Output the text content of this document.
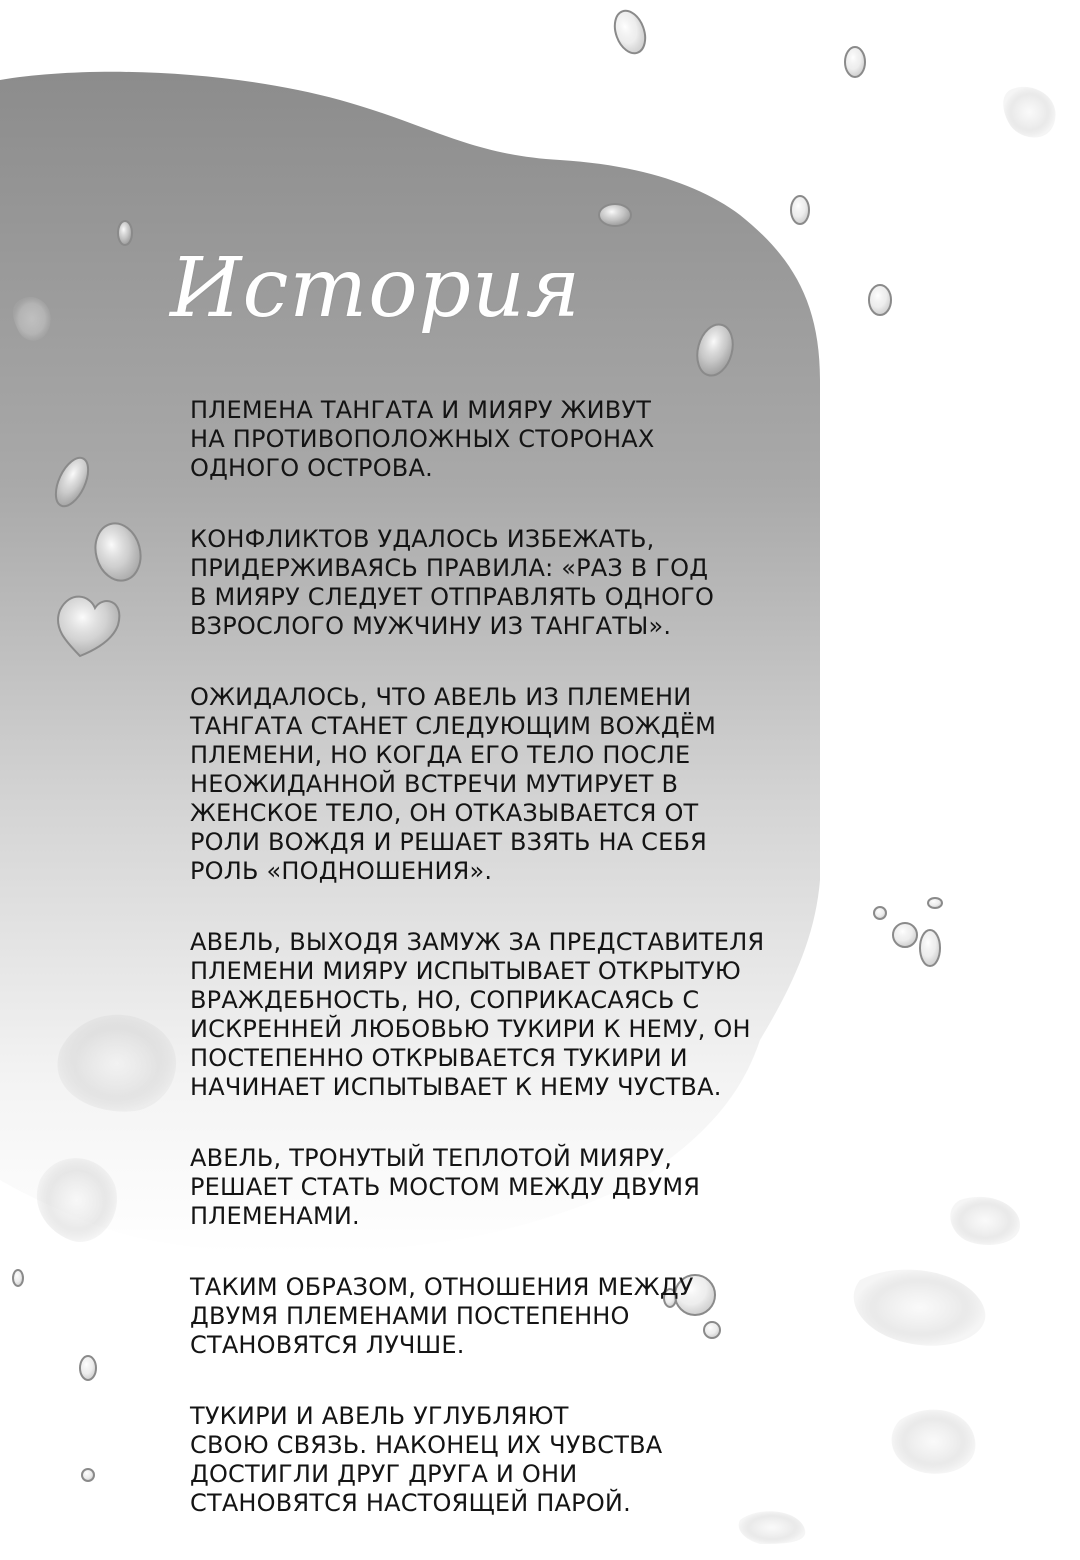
История

ПЛЕМЕНА ТАНГАТА И МИЯРУ ЖИВУТ
НА ПРОТИВОПОЛОЖНЫХ СТОРОНАХ
ОДНОГО ОСТРОВА.

КОНФЛИКТОВ УДАЛОСЬ ИЗБЕЖАТЬ,
ПРИДЕРЖИВАЯСЬ ПРАВИЛА: «РАЗ В ГОД
В МИЯРУ СЛЕДУЕТ ОТПРАВЛЯТЬ ОДНОГО
ВЗРОСЛОГО МУЖЧИНУ ИЗ ТАНГАТЫ».

ОЖИДАЛОСЬ, ЧТО АВЕЛЬ ИЗ ПЛЕМЕНИ
ТАНГАТА СТАНЕТ СЛЕДУЮЩИМ ВОЖДЁМ
ПЛЕМЕНИ, НО КОГДА ЕГО ТЕЛО ПОСЛЕ
НЕОЖИДАННОЙ ВСТРЕЧИ МУТИРУЕТ В
ЖЕНСКОЕ ТЕЛО, ОН ОТКАЗЫВАЕТСЯ ОТ
РОЛИ ВОЖДЯ И РЕШАЕТ ВЗЯТЬ НА СЕБЯ
РОЛЬ «ПОДНОШЕНИЯ».

АВЕЛЬ, ВЫХОДЯ ЗАМУЖ ЗА ПРЕДСТАВИТЕЛЯ
ПЛЕМЕНИ МИЯРУ ИСПЫТЫВАЕТ ОТКРЫТУЮ
ВРАЖДЕБНОСТЬ, НО, СОПРИКАСАЯСЬ С
ИСКРЕННЕЙ ЛЮБОВЬЮ ТУКИРИ К НЕМУ, ОН
ПОСТЕПЕННО ОТКРЫВАЕТСЯ ТУКИРИ И
НАЧИНАЕТ ИСПЫТЫВАЕТ К НЕМУ ЧУСТВА.

АВЕЛЬ, ТРОНУТЫЙ ТЕПЛОТОЙ МИЯРУ,
РЕШАЕТ СТАТЬ МОСТОМ МЕЖДУ ДВУМЯ
ПЛЕМЕНАМИ.

ТАКИМ ОБРАЗОМ, ОТНОШЕНИЯ МЕЖДУ
ДВУМЯ ПЛЕМЕНАМИ ПОСТЕПЕННО
СТАНОВЯТСЯ ЛУЧШЕ.

ТУКИРИ И АВЕЛЬ УГЛУБЛЯЮТ
СВОЮ СВЯЗЬ. НАКОНЕЦ ИХ ЧУВСТВА
ДОСТИГЛИ ДРУГ ДРУГА И ОНИ
СТАНОВЯТСЯ НАСТОЯЩЕЙ ПАРОЙ.
